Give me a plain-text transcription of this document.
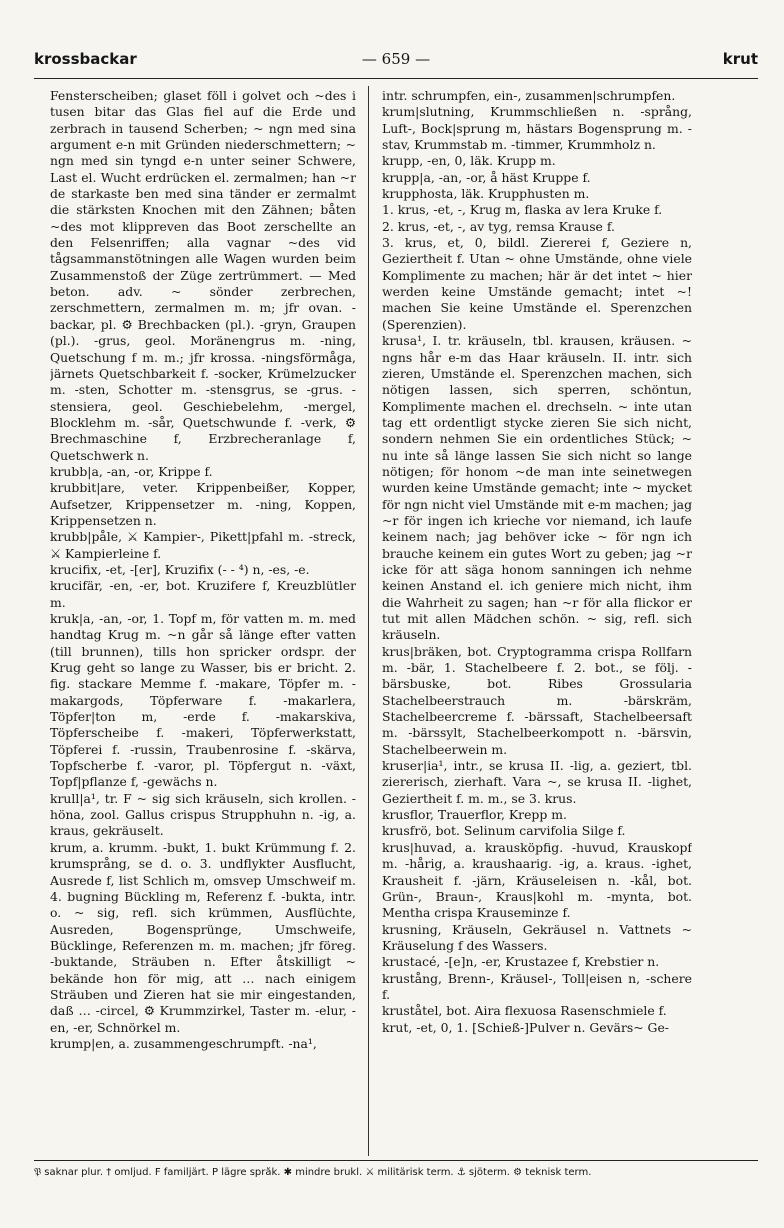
krossbackar	— 659 —	krut

Fensterscheiben; glaset föll i golvet och ~des i tusen bitar das Glas fiel auf die Erde und zerbrach in tausend Scherben; ~ ngn med sina argument e-n mit Gründen niederschmettern; ~ ngn med sin tyngd e-n unter seiner Schwere, Last el. Wucht erdrücken el. zermalmen; han ~r de starkaste ben med sina tänder er zermalmt die stärksten Knochen mit den Zähnen; båten ~des mot klippreven das Boot zerschellte an den Felsenriffen; alla vagnar ~des vid tågsammanstötningen alle Wagen wurden beim Zusammenstoß der Züge zertrümmert. — Med beton. adv. ~ sönder zerbrechen, zerschmettern, zermalmen m. m; jfr ovan. -backar, pl. ⚙ Brechbacken (pl.). -gryn, Graupen (pl.). -grus, geol. Moränengrus m. -ning, Quetschung f m. m.; jfr krossa. -ningsförmåga, järnets Quetschbarkeit f. -socker, Krümelzucker m. -sten, Schotter m. -stensgrus, se -grus. -stensiera, geol. Geschiebelehm, -mergel, Blocklehm m. -sår, Quetschwunde f. -verk, ⚙ Brechmaschine f, Erzbrecheranlage f, Quetschwerk n.

krubb|a, -an, -or, Krippe f.

krubbit|are, veter. Krippenbeißer, Kopper, Aufsetzer, Krippensetzer m. -ning, Koppen, Krippensetzen n.

krubb|påle, ⚔ Kampier-, Pikett|pfahl m. -streck, ⚔ Kampierleine f.

krucifix, -et, -[er], Kruzifix (- - ⁴) n, -es, -e.

krucifär, -en, -er, bot. Kruzifere f, Kreuzblütler m.

kruk|a, -an, -or, 1. Topf m, för vatten m. m. med handtag Krug m. ~n går så länge efter vatten (till brunnen), tills hon spricker ordspr. der Krug geht so lange zu Wasser, bis er bricht. 2. fig. stackare Memme f. -makare, Töpfer m. -makargods, Töpferware f. -makarlera, Töpfer|ton m, -erde f. -makarskiva, Töpferscheibe f. -makeri, Töpferwerkstatt, Töpferei f. -russin, Traubenrosine f. -skärva, Topfscherbe f. -varor, pl. Töpfergut n. -växt, Topf|pflanze f, -gewächs n.

krull|a¹, tr. F ~ sig sich kräuseln, sich krollen. -höna, zool. Gallus crispus Strupphuhn n. -ig, a. kraus, gekräuselt.

krum, a. krumm. -bukt, 1. bukt Krümmung f. 2. krumsprång, se d. o. 3. undflykter Ausflucht, Ausrede f, list Schlich m, omsvep Umschweif m. 4. bugning Bückling m, Referenz f. -bukta, intr. o. ~ sig, refl. sich krümmen, Ausflüchte, Ausreden, Bogensprünge, Umschweife, Bücklinge, Referenzen m. m. machen; jfr föreg. -buktande, Sträuben n. Efter åtskilligt ~ bekände hon för mig, att … nach einigem Sträuben und Zieren hat sie mir eingestanden, daß … -circel, ⚙ Krummzirkel, Taster m. -elur, -en, -er, Schnörkel m.

krump|en, a. zusammengeschrumpft. -na¹,

intr. schrumpfen, ein-, zusammen|schrumpfen.

krum|slutning, Krummschließen n. -språng, Luft-, Bock|sprung m, hästars Bogensprung m. -stav, Krummstab m. -timmer, Krummholz n.

krupp, -en, 0, läk. Krupp m.

krupp|a, -an, -or, å häst Kruppe f.

krupphosta, läk. Krupphusten m.

1. krus, -et, -, Krug m, flaska av lera Kruke f.

2. krus, -et, -, av tyg, remsa Krause f.

3. krus, et, 0, bildl. Ziererei f, Geziere n, Geziertheit f. Utan ~ ohne Umstände, ohne viele Komplimente zu machen; här är det intet ~ hier werden keine Umstände gemacht; intet ~! machen Sie keine Umstände el. Sperenzchen (Sperenzien).

krusa¹, I. tr. kräuseln, tbl. krausen, kräusen. ~ ngns hår e-m das Haar kräuseln. II. intr. sich zieren, Umstände el. Sperenzchen machen, sich nötigen lassen, sich sperren, schöntun, Komplimente machen el. drechseln. ~ inte utan tag ett ordentligt stycke zieren Sie sich nicht, sondern nehmen Sie ein ordentliches Stück; ~ nu inte så länge lassen Sie sich nicht so lange nötigen; för honom ~de man inte seinetwegen wurden keine Umstände gemacht; inte ~ mycket för ngn nicht viel Umstände mit e-m machen; jag ~r för ingen ich krieche vor niemand, ich laufe keinem nach; jag behöver icke ~ för ngn ich brauche keinem ein gutes Wort zu geben; jag ~r icke för att säga honom sanningen ich nehme keinen Anstand el. ich geniere mich nicht, ihm die Wahrheit zu sagen; han ~r för alla flickor er tut mit allen Mädchen schön. ~ sig, refl. sich kräuseln.

krus|bräken, bot. Cryptogramma crispa Rollfarn m. -bär, 1. Stachelbeere f. 2. bot., se följ. -bärsbuske, bot. Ribes Grossularia Stachelbeerstrauch m. -bärskräm, Stachelbeercreme f. -bärssaft, Stachelbeersaft m. -bärssylt, Stachelbeerkompott n. -bärsvin, Stachelbeerwein m.

kruser|ia¹, intr., se krusa II. -lig, a. geziert, tbl. ziererisch, zierhaft. Vara ~, se krusa II. -lighet, Geziertheit f. m. m., se 3. krus.

krusflor, Trauerflor, Krepp m.

krusfrö, bot. Selinum carvifolia Silge f.

krus|huvad, a. krausköpfig. -huvud, Krauskopf m. -hårig, a. kraushaarig. -ig, a. kraus. -ighet, Krausheit f. -järn, Kräuseleisen n. -kål, bot. Grün-, Braun-, Kraus|kohl m. -mynta, bot. Mentha crispa Krauseminze f.

krusning, Kräuseln, Gekräusel n. Vattnets ~ Kräuselung f des Wassers.

krustacé, -[e]n, -er, Krustazee f, Krebstier n.

krustång, Brenn-, Kräusel-, Toll|eisen n, -schere f.

kruståtel, bot. Aira flexuosa Rasenschmiele f.

krut, -et, 0, 1. [Schieß-]Pulver n. Gevärs~ Ge-

𝔓 saknar plur. † omljud. F familjärt. P lägre språk. ✱ mindre brukl. ⚔ militärisk term. ⚓ sjöterm. ⚙ teknisk term.
